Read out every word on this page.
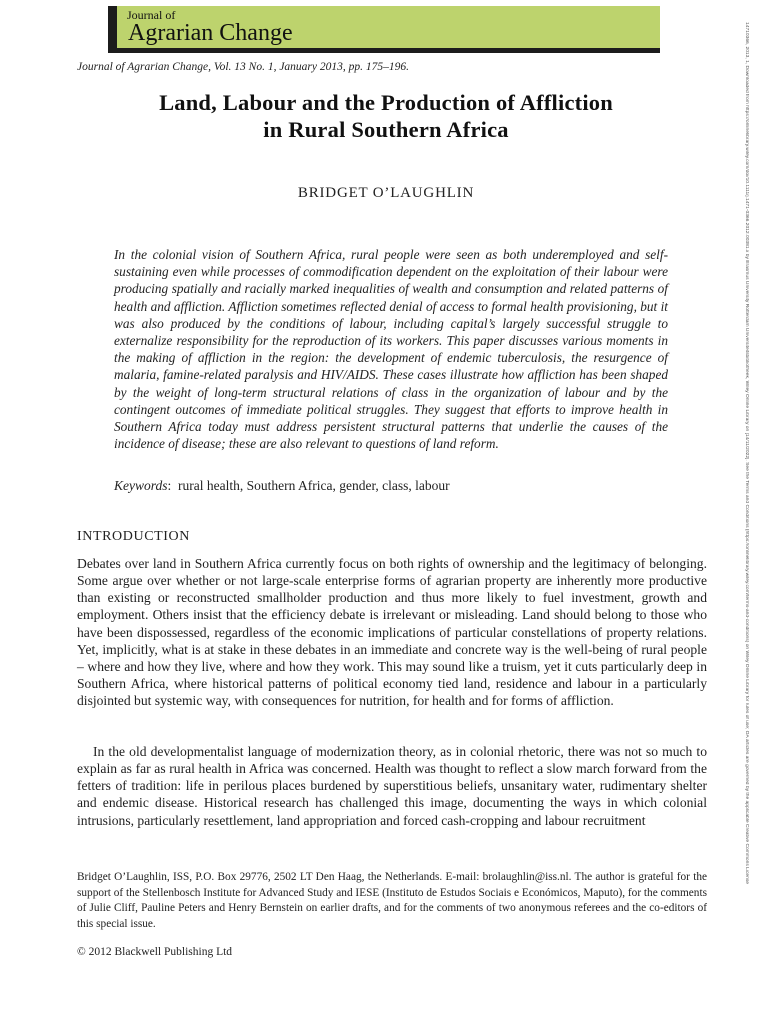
Journal of
Agrarian Change
Journal of Agrarian Change, Vol. 13 No. 1, January 2013, pp. 175–196.
Land, Labour and the Production of Affliction
in Rural Southern Africa
BRIDGET O’LAUGHLIN

In the colonial vision of Southern Africa, rural people were seen as both underemployed and self-sustaining even while processes of commodification dependent on the exploitation of their labour were producing spatially and racially marked inequalities of wealth and consumption and related patterns of health and affliction. Affliction sometimes reflected denial of access to formal health provisioning, but it was also produced by the conditions of labour, including capital’s largely successful struggle to externalize responsibility for the reproduction of its workers. This paper discusses various moments in the making of affliction in the region: the development of endemic tuberculosis, the resurgence of malaria, famine-related paralysis and HIV/AIDS. These cases illustrate how affliction has been shaped by the weight of long-term structural relations of class in the organization of labour and by the contingent outcomes of immediate political struggles. They suggest that efforts to improve health in Southern Africa today must address persistent structural patterns that underlie the causes of the incidence of disease; these are also relevant to questions of land reform.

Keywords:  rural health, Southern Africa, gender, class, labour

INTRODUCTION

Debates over land in Southern Africa currently focus on both rights of ownership and the legitimacy of belonging. Some argue over whether or not large-scale enterprise forms of agrarian property are inherently more productive than existing or reconstructed smallholder production and thus more likely to fuel investment, growth and employment. Others insist that the efficiency debate is irrelevant or misleading. Land should belong to those who have been dispossessed, regardless of the economic implications of particular constellations of property relations. Yet, implicitly, what is at stake in these debates in an immediate and concrete way is the well-being of rural people – where and how they live, where and how they work. This may sound like a truism, yet it cuts particularly deep in Southern Africa, where historical patterns of political economy tied land, residence and labour in a particularly disjointed but systemic way, with consequences for nutrition, for health and for forms of affliction.

In the old developmentalist language of modernization theory, as in colonial rhetoric, there was not so much to explain as far as rural health in Africa was concerned. Health was thought to reflect a slow march forward from the fetters of tradition: life in perilous places burdened by superstitious beliefs, unsanitary water, rudimentary shelter and endemic disease. Historical research has challenged this image, documenting the ways in which colonial intrusions, particularly resettlement, land appropriation and forced cash-cropping and labour recruitment

Bridget O’Laughlin, ISS, P.O. Box 29776, 2502 LT Den Haag, the Netherlands. E-mail: brolaughlin@iss.nl. The author is grateful for the support of the Stellenbosch Institute for Advanced Study and IESE (Instituto de Estudos Sociais e Económicos, Maputo), for the comments of Julie Cliff, Pauline Peters and Henry Bernstein on earlier drafts, and for the comments of two anonymous referees and the co-editors of this special issue.

© 2012 Blackwell Publishing Ltd
14710366, 2013, 1, Downloaded from https://onlinelibrary.wiley.com/doi/10.1111/j.1471-0366.2012.00381.x by Erasmus University Rotterdam Universiteitsbibliotheek, Wiley Online Library on [14/11/2022]. See the Terms and Conditions (https://onlinelibrary.wiley.com/terms-and-conditions) on Wiley Online Library for rules of use; OA articles are governed by the applicable Creative Commons License
